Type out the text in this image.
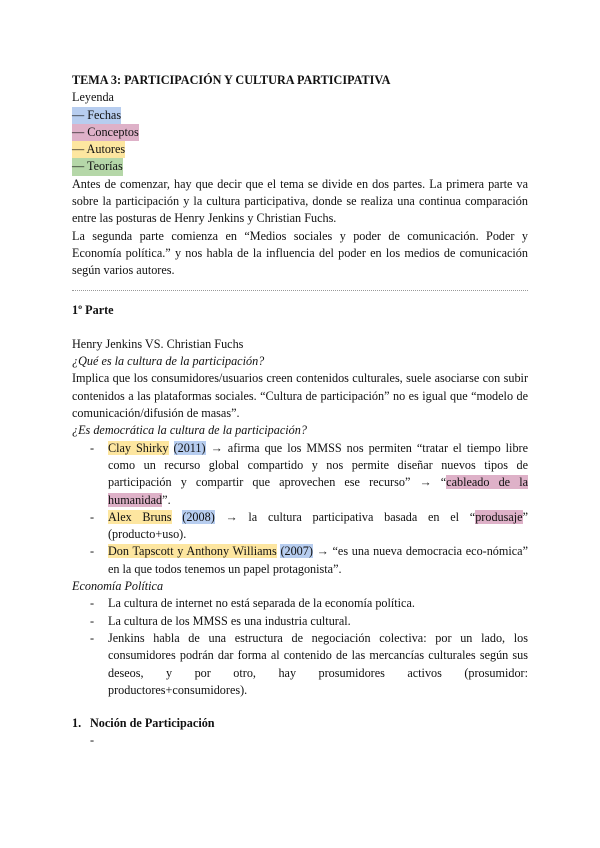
TEMA 3: PARTICIPACIÓN Y CULTURA PARTICIPATIVA

Leyenda

— Fechas
— Conceptos
— Autores
— Teorías

Antes de comenzar, hay que decir que el tema se divide en dos partes. La primera parte va sobre la participación y la cultura participativa, donde se realiza una continua comparación entre las posturas de Henry Jenkins y Christian Fuchs.

La segunda parte comienza en “Medios sociales y poder de comunicación. Poder y Economía política.” y nos habla de la influencia del poder en los medios de comunicación según varios autores.

1º Parte

Henry Jenkins VS. Christian Fuchs

¿Qué es la cultura de la participación?

Implica que los consumidores/usuarios creen contenidos culturales, suele asociarse con subir contenidos a las plataformas sociales. “Cultura de participación” no es igual que “modelo de comunicación/difusión de masas”.

¿Es democrática la cultura de la participación?

- Clay Shirky (2011) → afirma que los MMSS nos permiten “tratar el tiempo libre como un recurso global compartido y nos permite diseñar nuevos tipos de participación y compartir que aprovechen ese recurso” → “cableado de la humanidad”.
- Alex Bruns (2008) → la cultura participativa basada en el “produsaje” (producto+uso).
- Don Tapscott y Anthony Williams (2007) → “es una nueva democracia eco-nómica” en la que todos tenemos un papel protagonista”.

Economía Política

- La cultura de internet no está separada de la economía política.
- La cultura de los MMSS es una industria cultural.
- Jenkins habla de una estructura de negociación colectiva: por un lado, los consumidores podrán dar forma al contenido de las mercancías culturales según sus deseos, y por otro, hay prosumidores activos (prosumidor: productores+consumidores).
1. Noción de Participación
-
